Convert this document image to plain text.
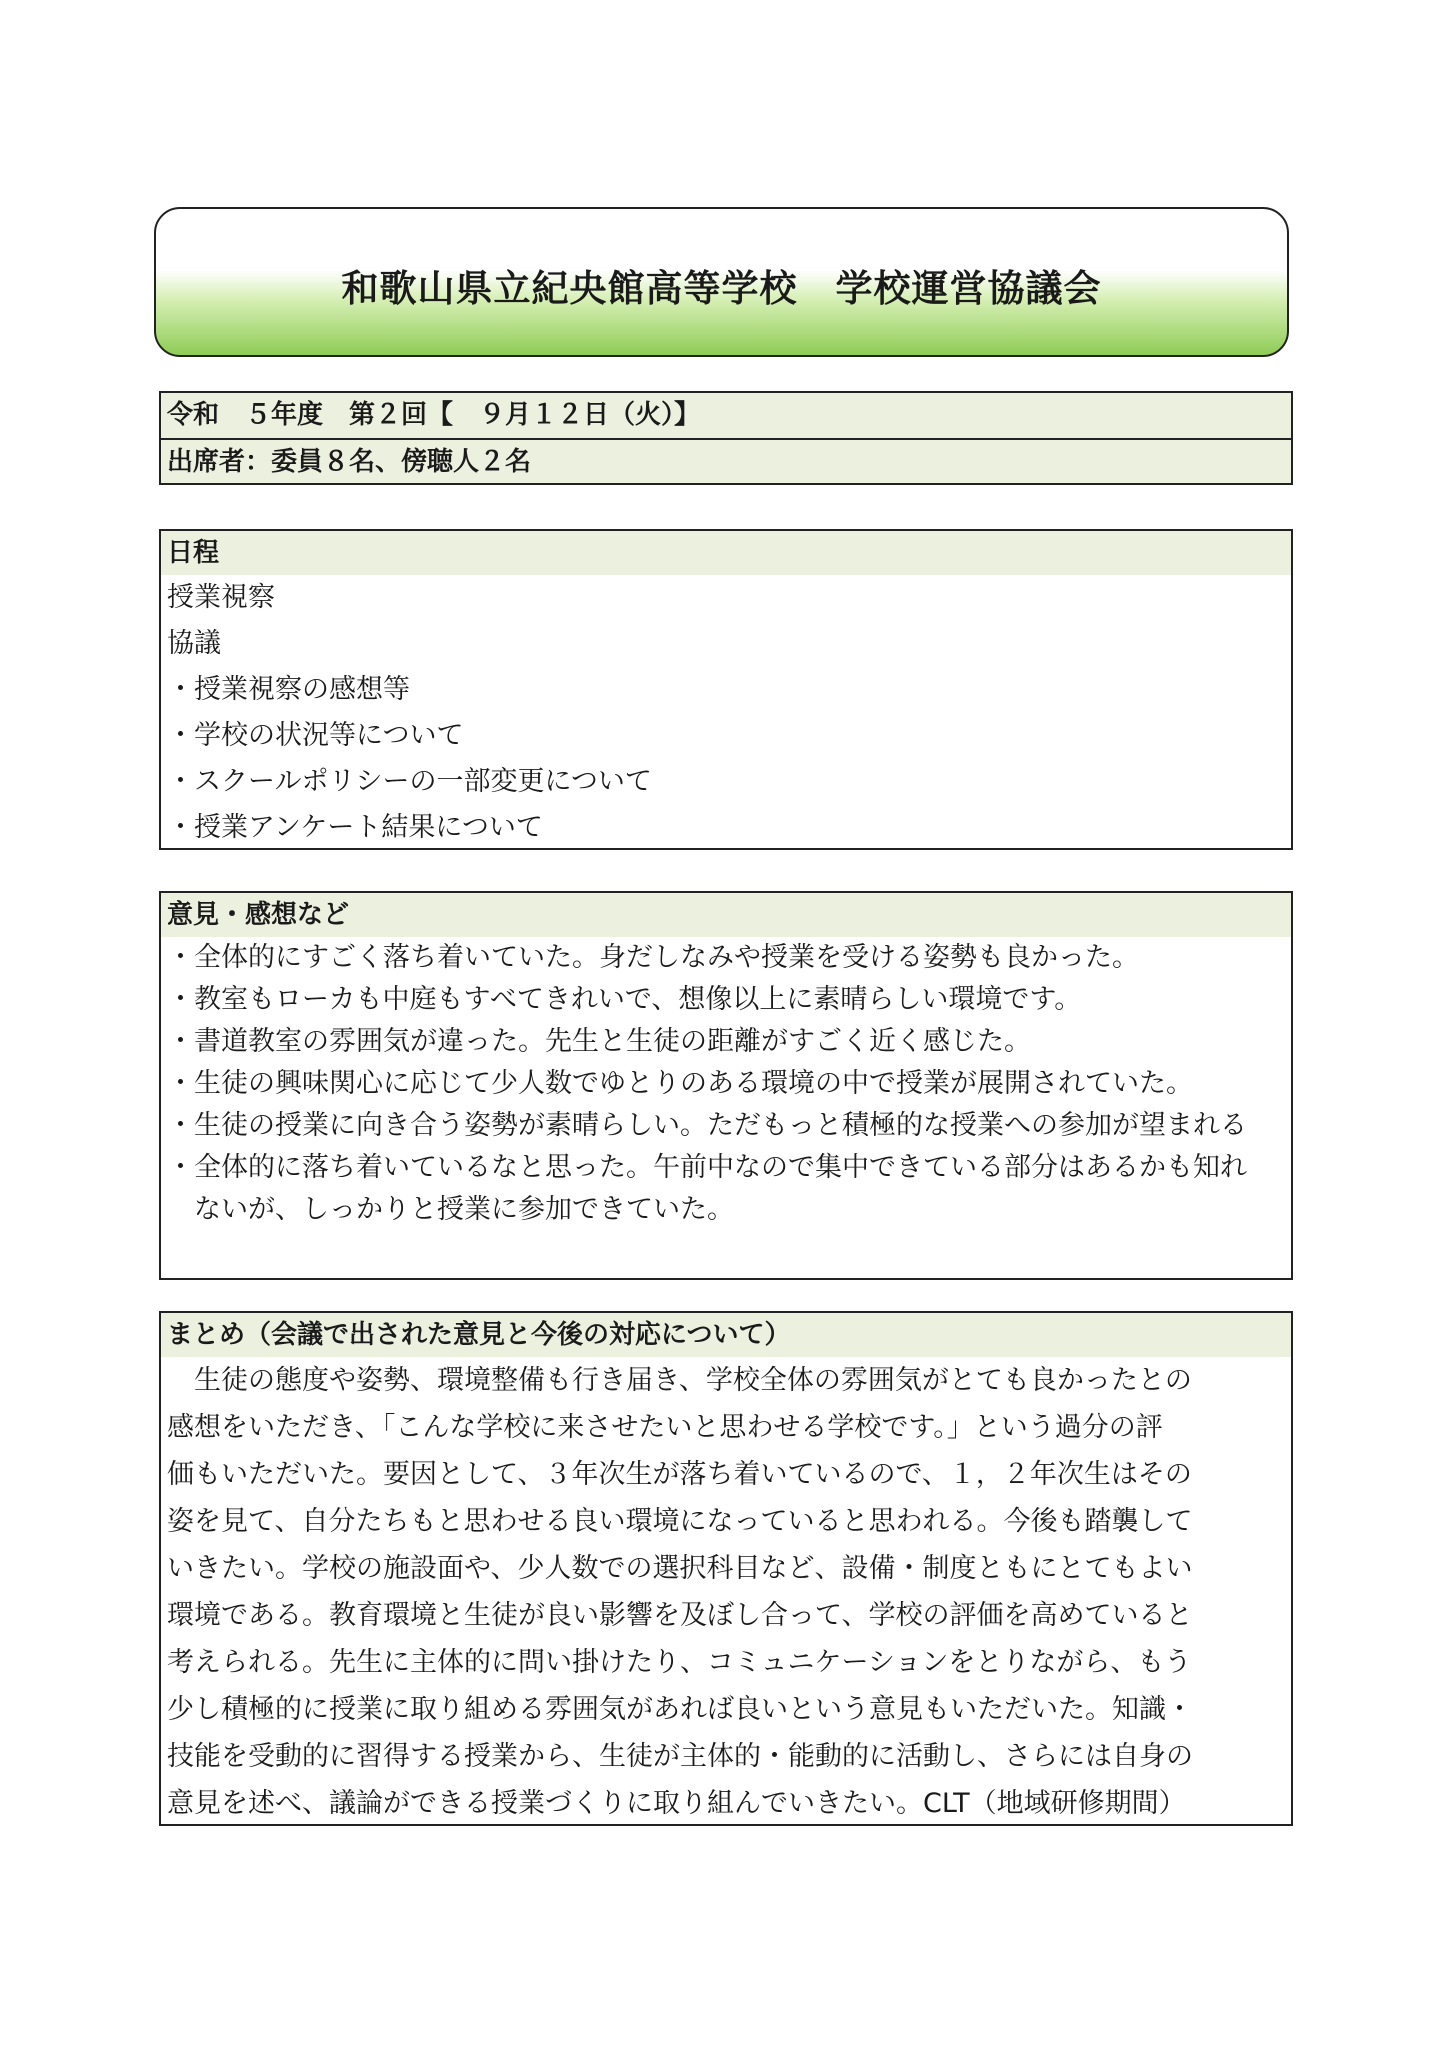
和歌山県立紀央館高等学校　学校運営協議会
令和　５年度　第２回【　９月１２日（火）】
出席者：委員８名、傍聴人２名
日程
授業視察
協議
・授業視察の感想等
・学校の状況等について
・スクールポリシーの一部変更について
・授業アンケート結果について
意見・感想など
・全体的にすごく落ち着いていた。身だしなみや授業を受ける姿勢も良かった。
・教室もローカも中庭もすべてきれいで、想像以上に素晴らしい環境です。
・書道教室の雰囲気が違った。先生と生徒の距離がすごく近く感じた。
・生徒の興味関心に応じて少人数でゆとりのある環境の中で授業が展開されていた。
・生徒の授業に向き合う姿勢が素晴らしい。ただもっと積極的な授業への参加が望まれる
・全体的に落ち着いているなと思った。午前中なので集中できている部分はあるかも知れ
　ないが、しっかりと授業に参加できていた。
まとめ（会議で出された意見と今後の対応について）
　生徒の態度や姿勢、環境整備も行き届き、学校全体の雰囲気がとても良かったとの
感想をいただき、「こんな学校に来させたいと思わせる学校です。」という過分の評
価もいただいた。要因として、３年次生が落ち着いているので、１，２年次生はその
姿を見て、自分たちもと思わせる良い環境になっていると思われる。今後も踏襲して
いきたい。学校の施設面や、少人数での選択科目など、設備・制度ともにとてもよい
環境である。教育環境と生徒が良い影響を及ぼし合って、学校の評価を高めていると
考えられる。先生に主体的に問い掛けたり、コミュニケーションをとりながら、もう
少し積極的に授業に取り組める雰囲気があれば良いという意見もいただいた。知識・
技能を受動的に習得する授業から、生徒が主体的・能動的に活動し、さらには自身の
意見を述べ、議論ができる授業づくりに取り組んでいきたい。CLT（地域研修期間）
